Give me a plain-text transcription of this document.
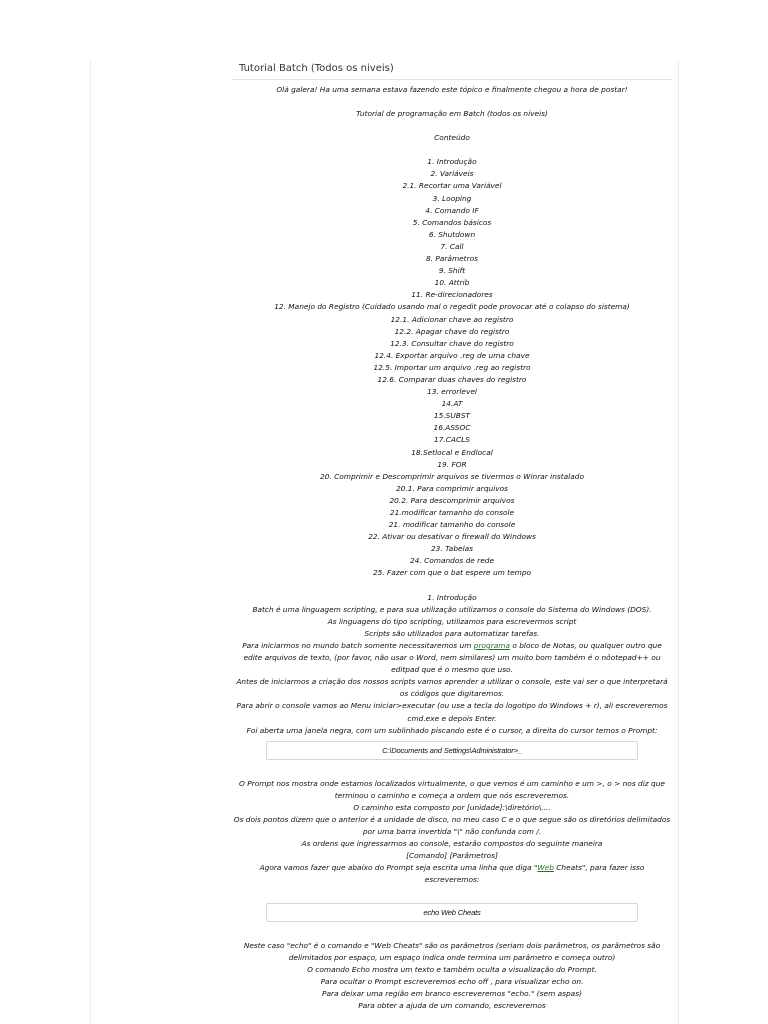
Tutorial Batch (Todos os niveis)

Olá galera! Ha uma semana estava fazendo este tópico e finalmente chegou a hora de postar!

Tutorial de programação em Batch (todos os níveis)

Conteúdo

1. Introdução
2. Variáveis
2.1. Recortar uma Variável
3. Looping
4. Comando IF
5. Comandos básicos
6. Shutdown
7. Call
8. Parâmetros
9. Shift
10. Attrib
11. Re-direcionadores
12. Manejo do Registro (Cuidado usando mal o regedit pode provocar até o colapso do sistema)
12.1. Adicionar chave ao registro
12.2. Apagar chave do registro
12.3. Consultar chave do registro
12.4. Exportar arquivo .reg de uma chave
12.5. Importar um arquivo .reg ao registro
12.6. Comparar duas chaves do registro
13. errorlevel
14.AT
15.SUBST
16.ASSOC
17.CACLS
18.Setlocal e Endlocal
19. FOR
20. Comprimir e Descomprimir arquivos se tivermos o Winrar instalado
20.1. Para comprimir arquivos
20.2. Para descomprimir arquivos
21.modificar tamanho do console
21. modificar tamanho do console
22. Ativar ou desativar o firewall do Windows
23. Tabelas
24. Comandos de rede
25. Fazer com que o bat espere um tempo

1. Introdução

Batch é uma linguagem scripting, e para sua utilização utilizamos o console do Sistema do Windows (DOS).

As linguagens do tipo scripting, utilizamos para escrevermos script

Scripts são utilizados para automatizar tarefas.

Para iniciarmos no mundo batch somente necessitaremos um programa o bloco de Notas, ou qualquer outro que edite arquivos de texto, (por favor, não usar o Word, nem similares) um muito bom também é o nôotepad++ ou editpad que é o mesmo que uso.

Antes de iniciarmos a criação dos nossos scripts vamos aprender a utilizar o console, este vai ser o que interpretará os códigos que digitaremos.

Para abrir o console vamos ao Menu iniciar>executar (ou use a tecla do logotipo do Windows + r), ali escreveremos cmd.exe e depois Enter.

Foi aberta uma janela negra, com um sublinhado piscando este é o cursor, a direita do cursor temos o Prompt:

C:\Documents and Settings\Administrator>_

O Prompt nos mostra onde estamos localizados virtualmente, o que vemos é um caminho e um >, o > nos diz que terminou o caminho e começa a ordem que nós escreveremos.

O caminho esta composto por [unidade]:\diretório\....

Os dois pontos dizem que o anterior é a unidade de disco, no meu caso C e o que segue são os diretórios delimitados por uma barra invertida "\" não confunda com /.

As ordens que ingressarmos ao console, estarão compostos do seguinte maneira

[Comando] [Parâmetros]

Agora vamos fazer que abaixo do Prompt seja escrita uma linha que diga "Web Cheats", para fazer isso escreveremos:

echo Web Cheats

Neste caso "echo" é o comando e "Web Cheats" são os parâmetros (seriam dois parâmetros, os parâmetros são delimitados por espaço, um espaço indica onde termina um parâmetro e começa outro)

O comando Echo mostra um texto e também oculta a visualização do Prompt.

Para ocultar o Prompt escreveremos echo off , para visualizar echo on.

Para deixar uma região em branco escreveremos "echo." (sem aspas)

Para obter a ajuda de um comando, escreveremos
